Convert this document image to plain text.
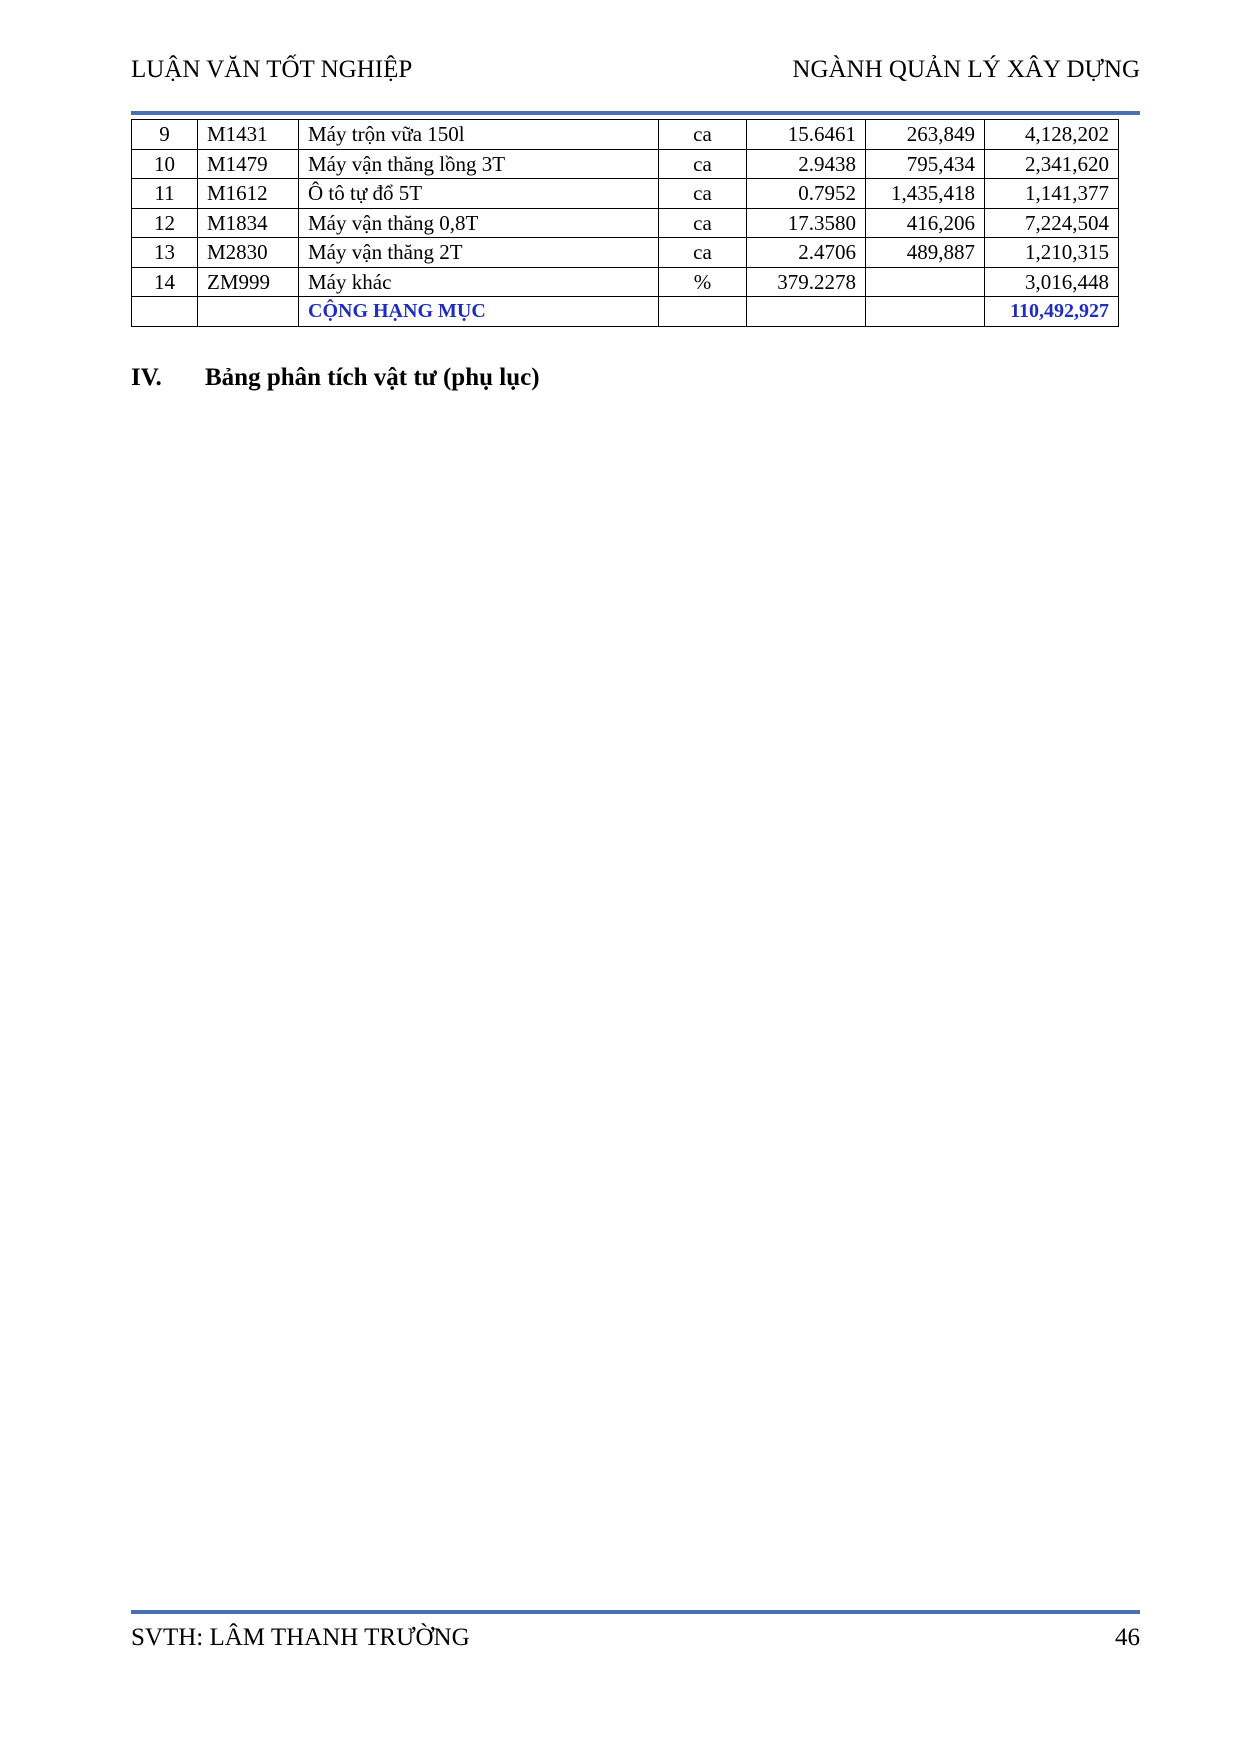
LUẬN VĂN TỐT NGHIỆP	NGÀNH QUẢN LÝ XÂY DỰNG
9	M1431	Máy trộn vữa 150l	ca	15.6461	263,849	4,128,202
10	M1479	Máy vận thăng lồng 3T	ca	2.9438	795,434	2,341,620
11	M1612	Ô tô tự đổ 5T	ca	0.7952	1,435,418	1,141,377
12	M1834	Máy vận thăng 0,8T	ca	17.3580	416,206	7,224,504
13	M2830	Máy vận thăng 2T	ca	2.4706	489,887	1,210,315
14	ZM999	Máy khác	%	379.2278		3,016,448
		CỘNG HẠNG MỤC				110,492,927
IV. Bảng phân tích vật tư (phụ lục)
SVTH: LÂM THANH TRƯỜNG	46
